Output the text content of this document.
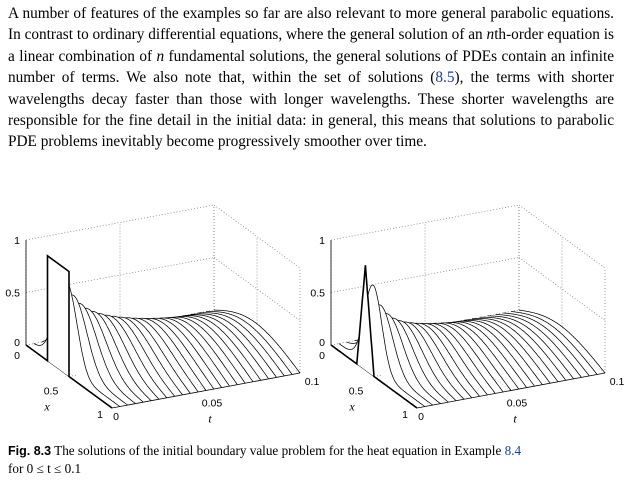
A number of features of the examples so far are also relevant to more general parabolic equations. In contrast to ordinary differential equations, where the general solution of an nth-order equation is a linear combination of n fundamental solutions, the general solutions of PDEs contain an infinite number of terms. We also note that, within the set of solutions (8.5), the terms with shorter wavelengths decay faster than those with longer wavelengths. These shorter wavelengths are responsible for the fine detail in the initial data: in general, this means that solutions to parabolic PDE problems inevitably become progressively smoother over time.

1
0.5
0
0.5
x
1
0
0
0.05
t
0.1
1
0.5
0
0.5
x
1
0
0
0.05
t
0.1

Fig. 8.3 The solutions of the initial boundary value problem for the heat equation in Example 8.4
for 0 ≤ t ≤ 0.1
